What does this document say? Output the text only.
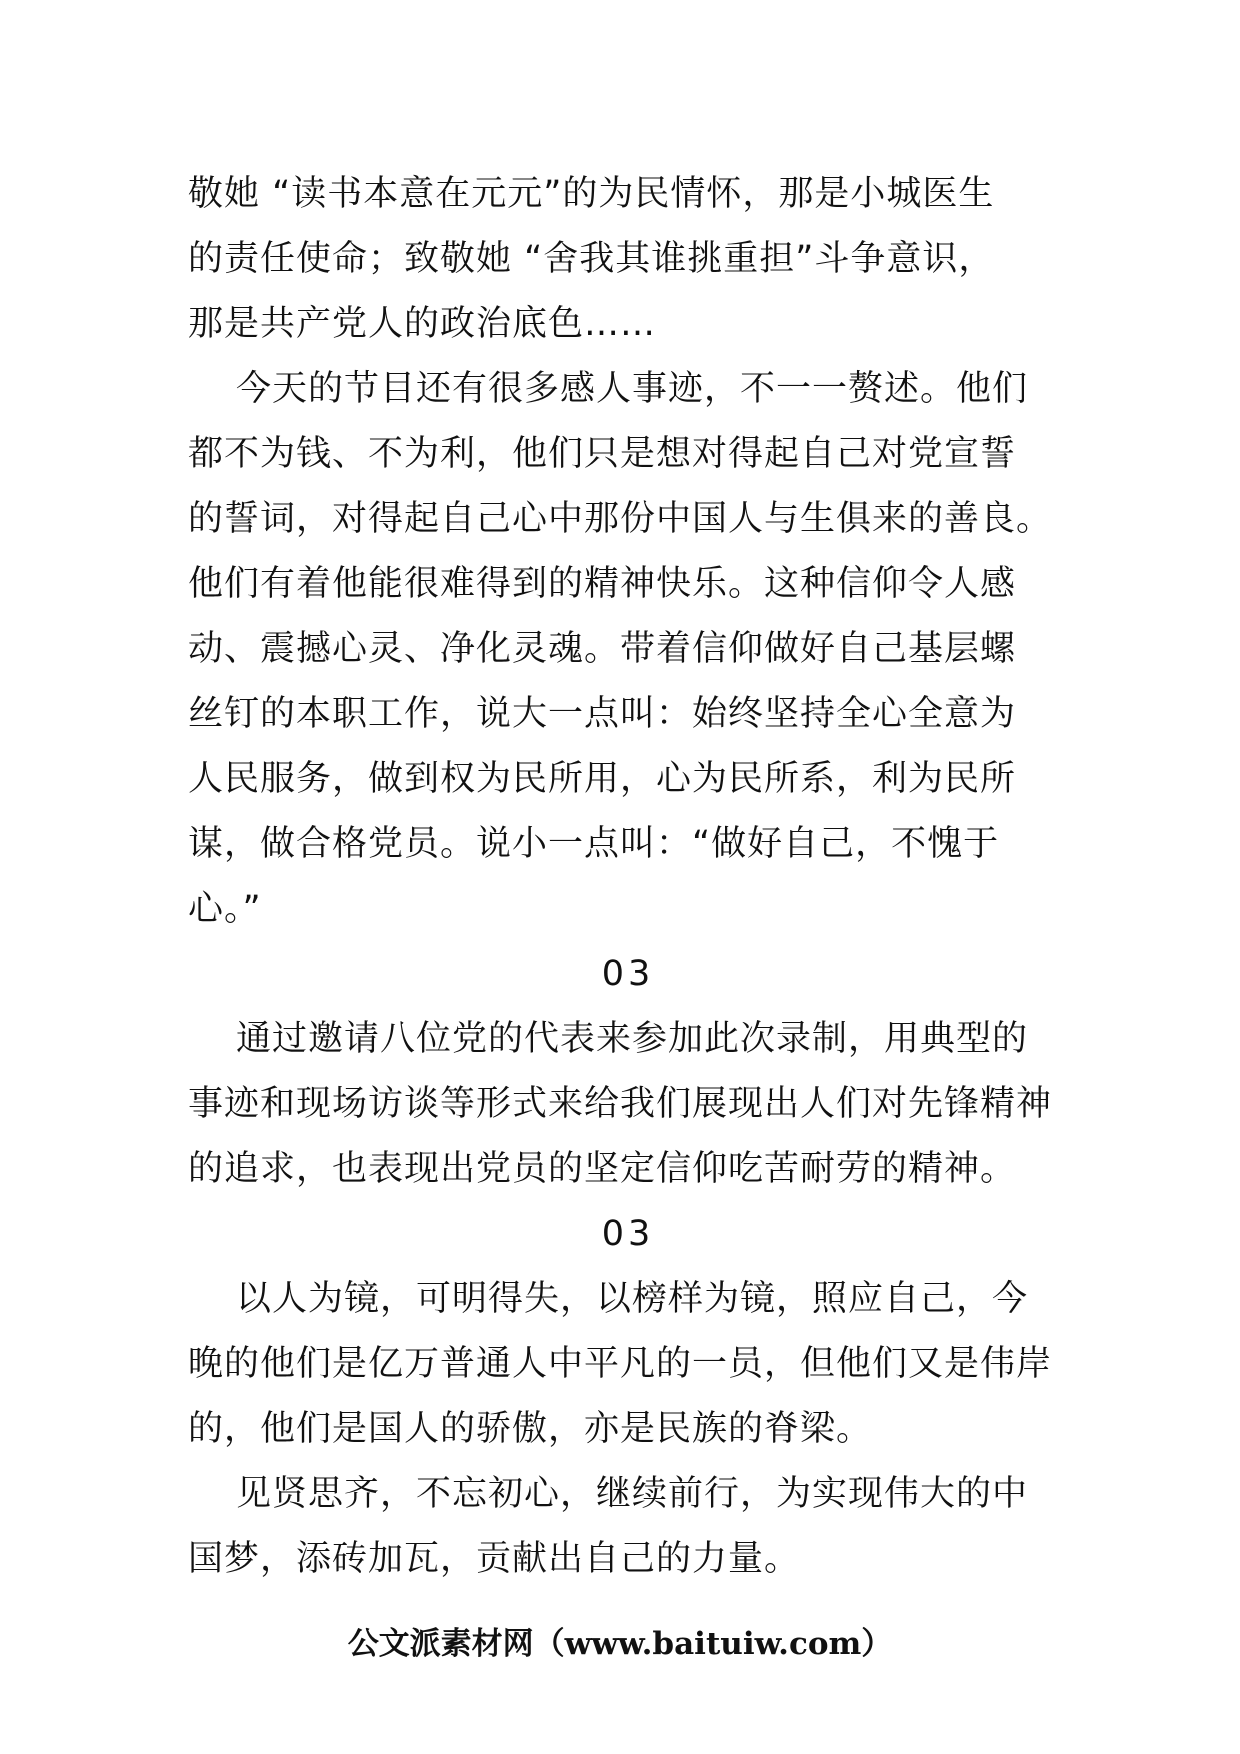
敬她 “读书本意在元元”的为民情怀，那是小城医生
的责任使命；致敬她 “舍我其谁挑重担”斗争意识，
那是共产党人的政治底色……
今天的节目还有很多感人事迹，不一一赘述。他们
都不为钱、不为利，他们只是想对得起自己对党宣誓
的誓词，对得起自己心中那份中国人与生俱来的善良。
他们有着他能很难得到的精神快乐。这种信仰令人感
动、震撼心灵、净化灵魂。带着信仰做好自己基层螺
丝钉的本职工作，说大一点叫：始终坚持全心全意为
人民服务，做到权为民所用，心为民所系，利为民所
谋，做合格党员。说小一点叫：“做好自己，不愧于
心。”
03
通过邀请八位党的代表来参加此次录制，用典型的
事迹和现场访谈等形式来给我们展现出人们对先锋精神
的追求，也表现出党员的坚定信仰吃苦耐劳的精神。
03
以人为镜，可明得失，以榜样为镜，照应自己，今
晚的他们是亿万普通人中平凡的一员，但他们又是伟岸
的，他们是国人的骄傲，亦是民族的脊梁。
见贤思齐，不忘初心，继续前行，为实现伟大的中
国梦，添砖加瓦，贡献出自己的力量。
公文派素材网（www.baituiw.com）
